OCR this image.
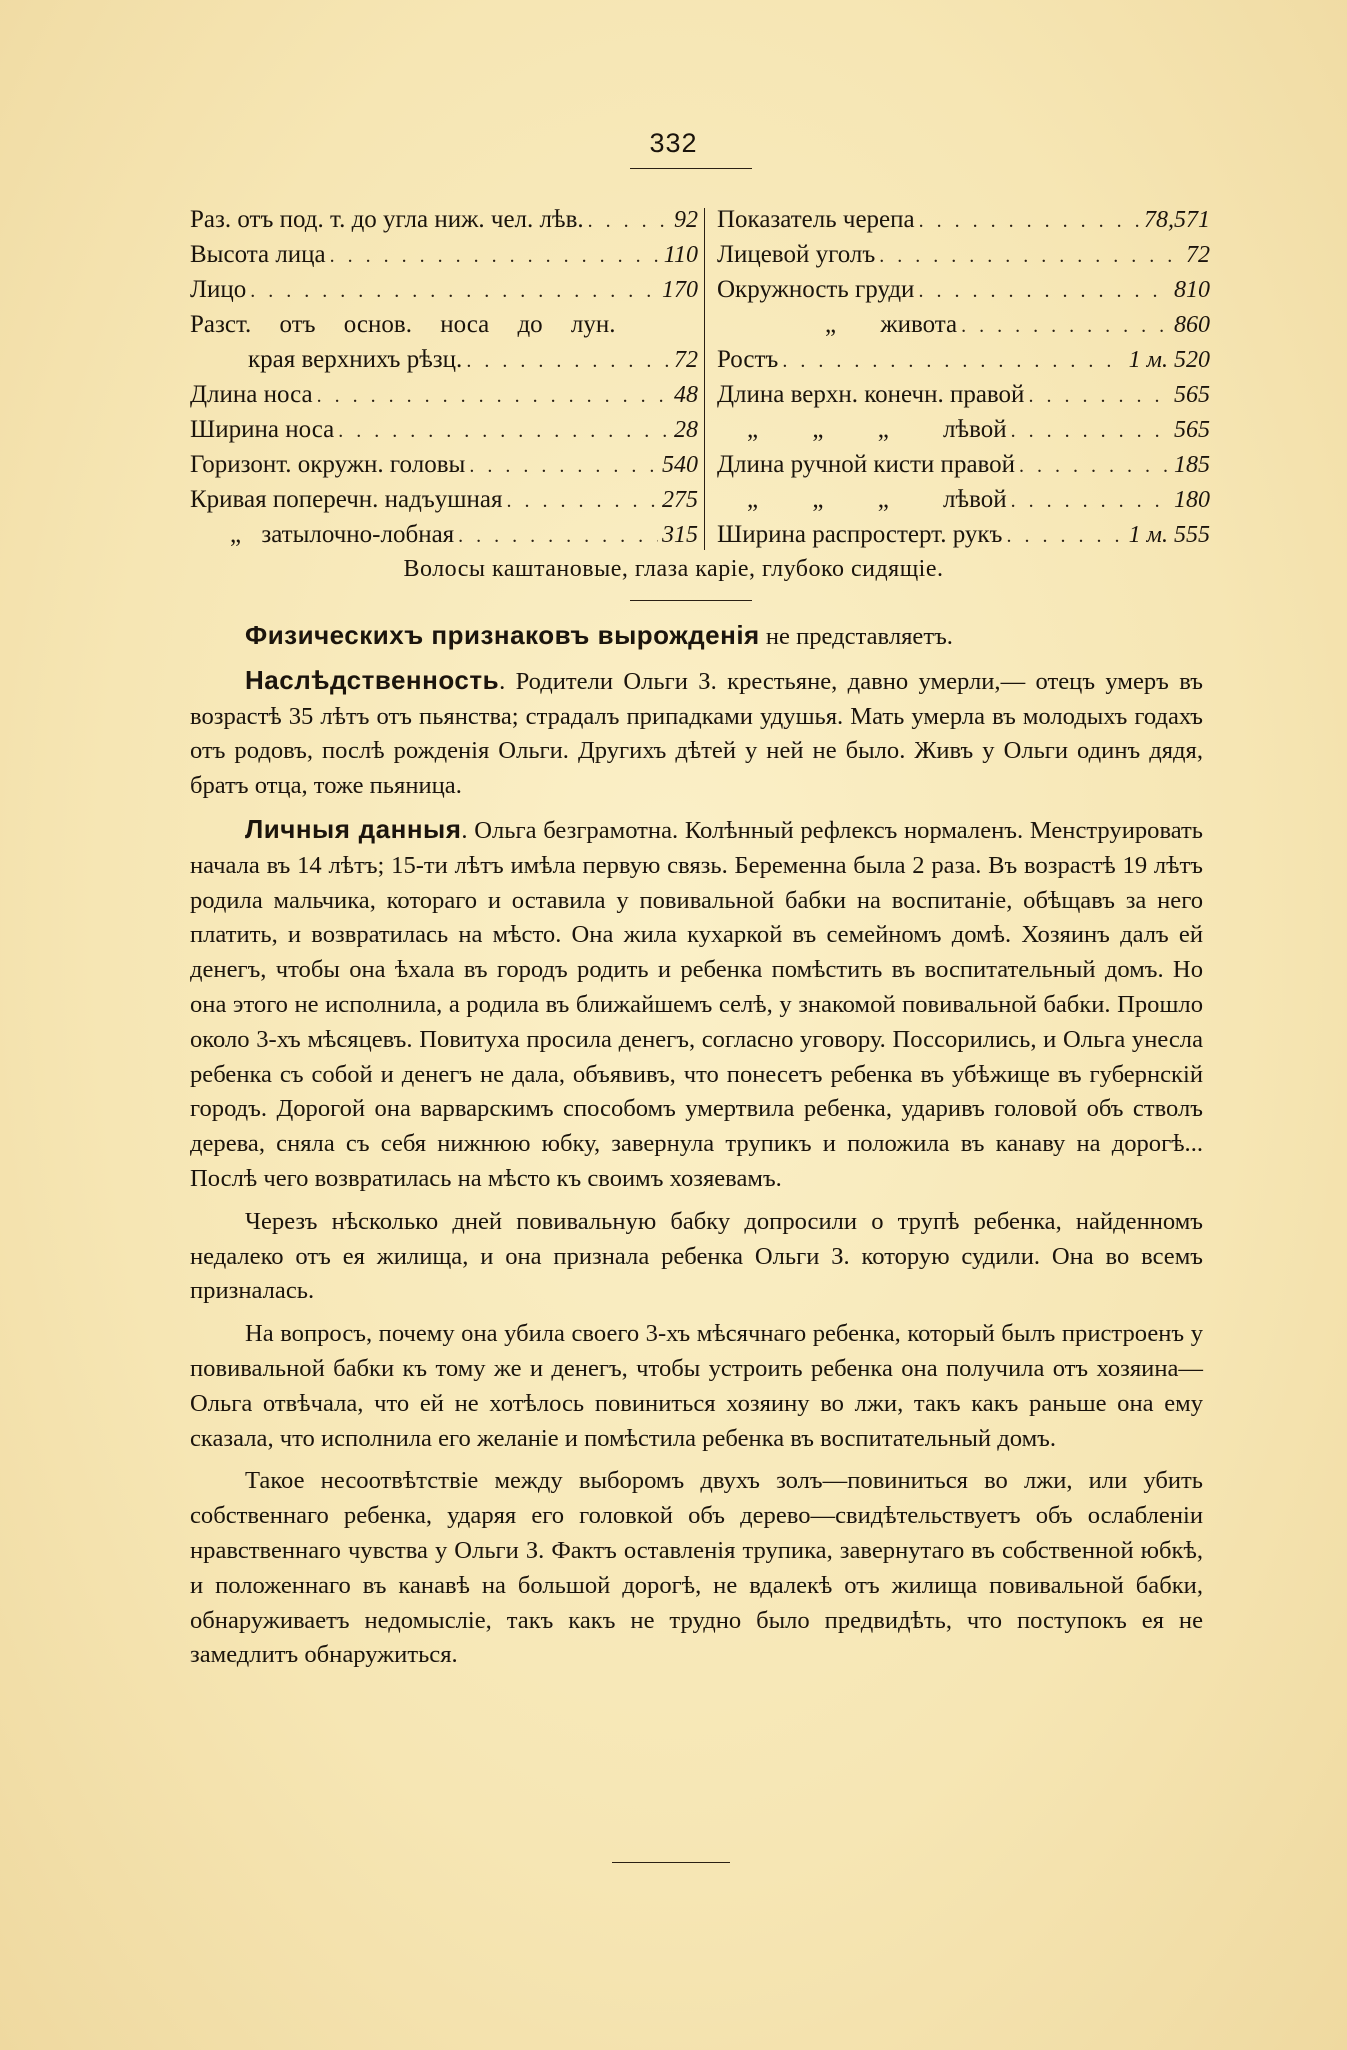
332
Раз. отъ под. т. до угла ниж. чел. лѣв. . . .	92
Высота лица . . .	110
Лицо . . .	170
Разст. отъ основ. носа до лун.
края верхнихъ рѣзц. . . .	72
Длина носа . . .	48
Ширина носа . . .	28
Горизонт. окружн. головы . . .	540
Кривая поперечн. надъушная . . .	275
„ затылочно-лобная . . .	315
Показатель черепа . . .	78,571
Лицевой уголъ . . .	72
Окружность груди . . .	810
„ живота . . .	860
Ростъ . . .	1 м. 520
Длина верхн. конечн. правой . . .	565
„ „ „ лѣвой . . .	565
Длина ручной кисти правой . . .	185
„ „ „ лѣвой . . .	180
Ширина распростерт. рукъ . . .	1 м. 555
Волосы каштановые, глаза каріе, глубоко сидящіе.

Физическихъ признаковъ вырожденія не представляетъ.

Наслѣдственность. Родители Ольги З. крестьяне, давно умерли,— отецъ умеръ въ возрастѣ 35 лѣтъ отъ пьянства; страдалъ припадками удушья. Мать умерла въ молодыхъ годахъ отъ родовъ, послѣ рожденія Ольги. Другихъ дѣтей у ней не было. Живъ у Ольги одинъ дядя, братъ отца, тоже пьяница.

Личныя данныя. Ольга безграмотна. Колѣнный рефлексъ нормаленъ. Менструировать начала въ 14 лѣтъ; 15-ти лѣтъ имѣла первую связь. Беременна была 2 раза. Въ возрастѣ 19 лѣтъ родила мальчика, котораго и оставила у повивальной бабки на воспитаніе, обѣщавъ за него платить, и возвратилась на мѣсто. Она жила кухаркой въ семейномъ домѣ. Хозяинъ далъ ей денегъ, чтобы она ѣхала въ городъ родить и ребенка помѣстить въ воспитательный домъ. Но она этого не исполнила, а родила въ ближайшемъ селѣ, у знакомой повивальной бабки. Прошло около 3-хъ мѣсяцевъ. Повитуха просила денегъ, согласно уговору. Поссорились, и Ольга унесла ребенка съ собой и денегъ не дала, объявивъ, что понесетъ ребенка въ убѣжище въ губернскій городъ. Дорогой она варварскимъ способомъ умертвила ребенка, ударивъ головой объ стволъ дерева, сняла съ себя нижнюю юбку, завернула трупикъ и положила въ канаву на дорогѣ... Послѣ чего возвратилась на мѣсто къ своимъ хозяевамъ.

Черезъ нѣсколько дней повивальную бабку допросили о трупѣ ребенка, найденномъ недалеко отъ ея жилища, и она признала ребенка Ольги З. которую судили. Она во всемъ призналась.

На вопросъ, почему она убила своего 3-хъ мѣсячнаго ребенка, который былъ пристроенъ у повивальной бабки къ тому же и денегъ, чтобы устроить ребенка она получила отъ хозяина—Ольга отвѣчала, что ей не хотѣлось повиниться хозяину во лжи, такъ какъ раньше она ему сказала, что исполнила его желаніе и помѣстила ребенка въ воспитательный домъ.

Такое несоотвѣтствіе между выборомъ двухъ золъ—повиниться во лжи, или убить собственнаго ребенка, ударяя его головкой объ дерево—свидѣтельствуетъ объ ослабленіи нравственнаго чувства у Ольги З. Фактъ оставленія трупика, завернутаго въ собственной юбкѣ, и положеннаго въ канавѣ на большой дорогѣ, не вдалекѣ отъ жилища повивальной бабки, обнаруживаетъ недомысліе, такъ какъ не трудно было предвидѣть, что поступокъ ея не замедлитъ обнаружиться.
